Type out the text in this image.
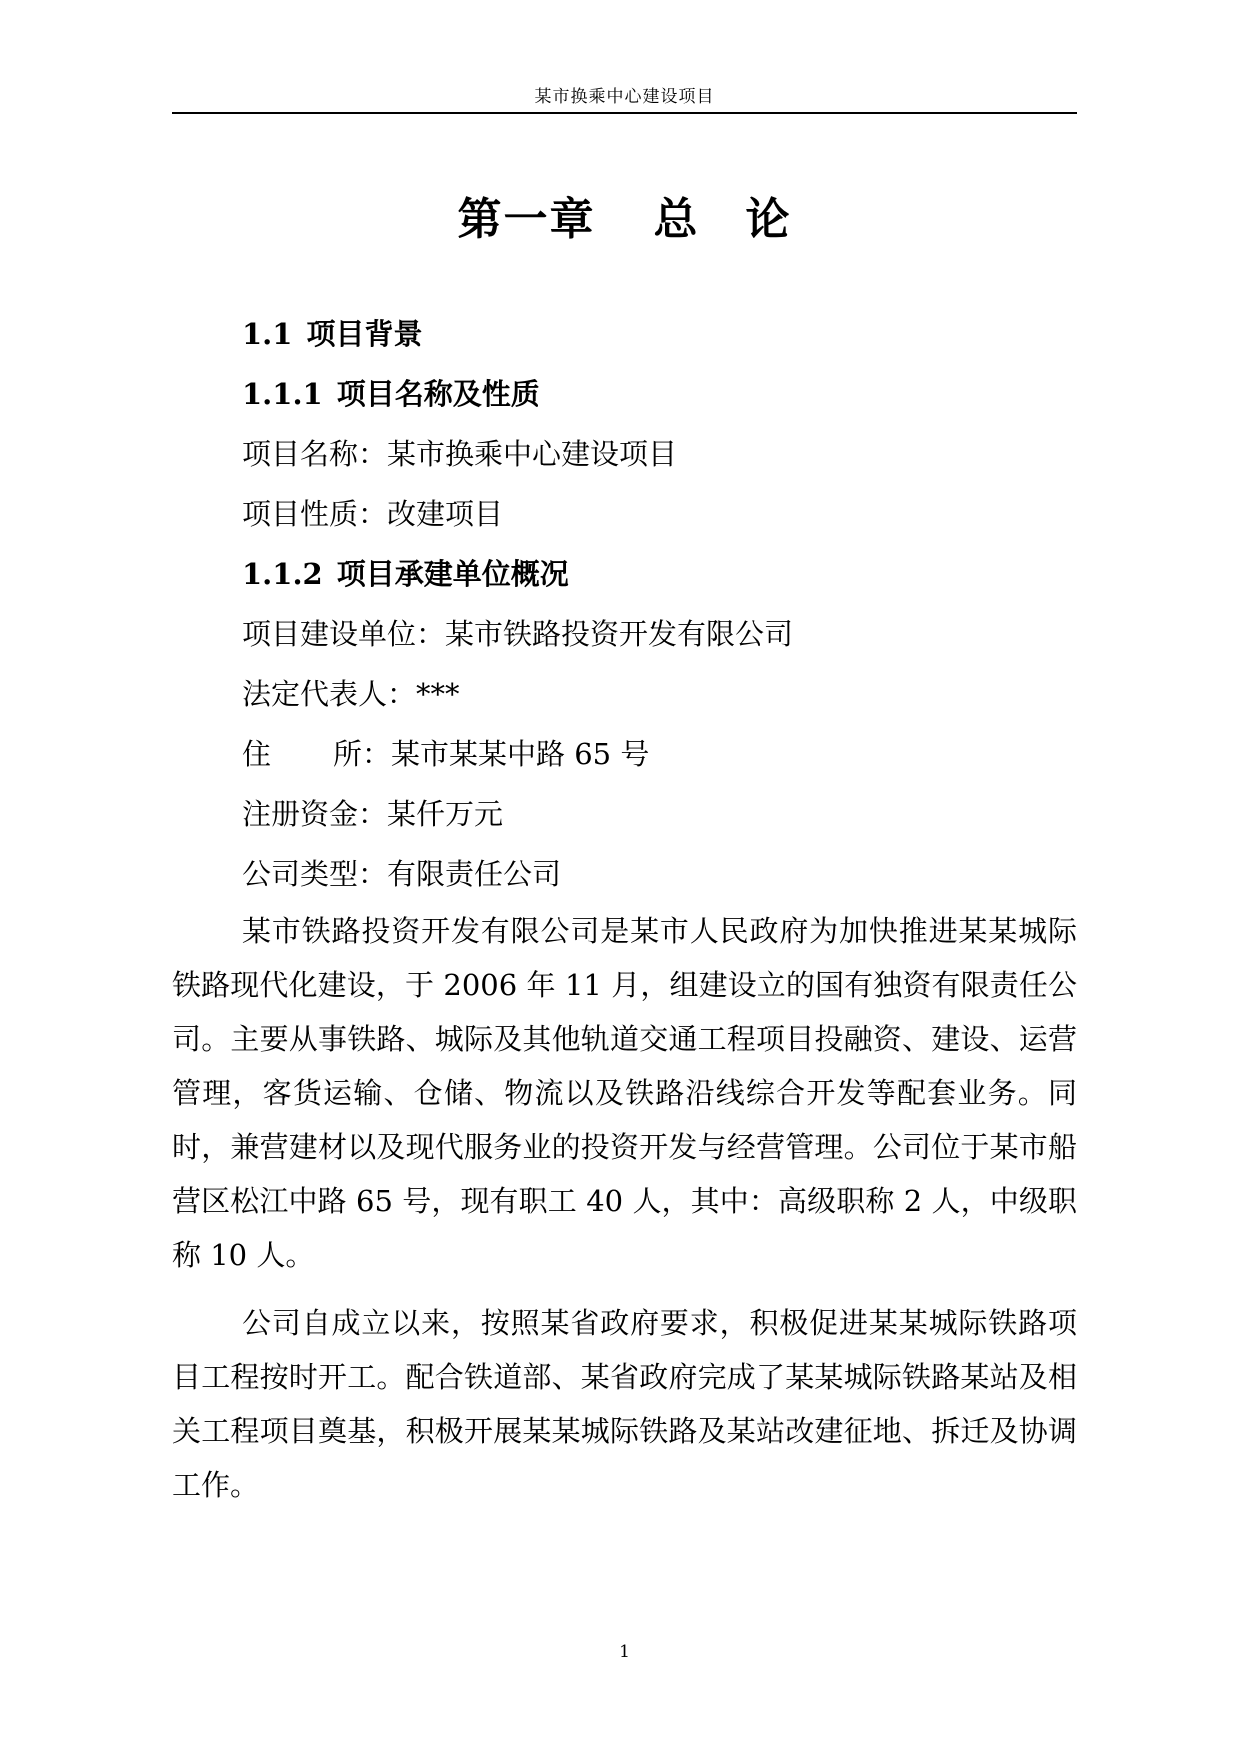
某市换乘中心建设项目
第一章 总 论
1.1 项目背景
1.1.1 项目名称及性质
项目名称：某市换乘中心建设项目
项目性质：改建项目
1.1.2 项目承建单位概况
项目建设单位：某市铁路投资开发有限公司
法定代表人：***
住 所：某市某某中路 65 号
注册资金：某仟万元
公司类型：有限责任公司

某市铁路投资开发有限公司是某市人民政府为加快推进某某城际铁路现代化建设，于 2006 年 11 月，组建设立的国有独资有限责任公司。主要从事铁路、城际及其他轨道交通工程项目投融资、建设、运营管理，客货运输、仓储、物流以及铁路沿线综合开发等配套业务。同时，兼营建材以及现代服务业的投资开发与经营管理。公司位于某市船营区松江中路 65 号，现有职工 40 人，其中：高级职称 2 人，中级职称 10 人。

公司自成立以来，按照某省政府要求，积极促进某某城际铁路项目工程按时开工。配合铁道部、某省政府完成了某某城际铁路某站及相关工程项目奠基，积极开展某某城际铁路及某站改建征地、拆迁及协调工作。

1
